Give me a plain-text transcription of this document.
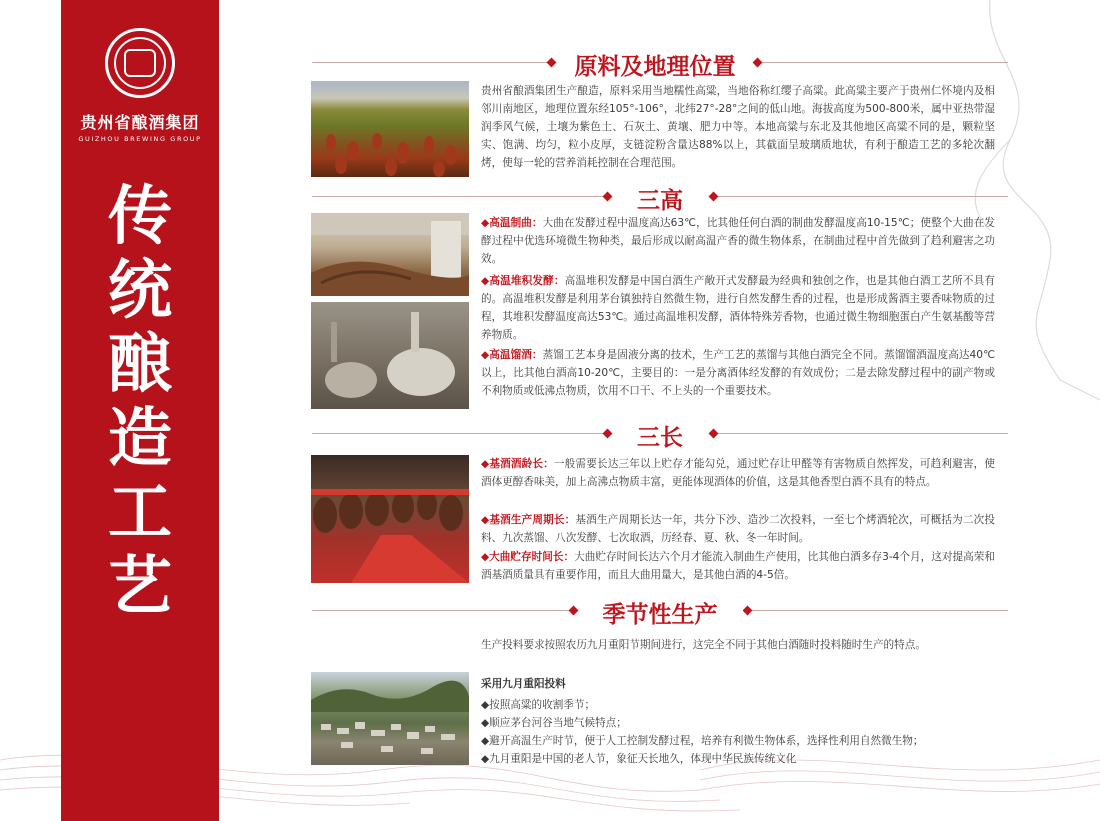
贵州省酿酒集团
GUIZHOU BREWING GROUP
传
统
酿
造
工
艺
原料及地理位置
贵州省酿酒集团生产酿造，原料采用当地糯性高粱，当地俗称红缨子高粱。此高粱主要产于贵州仁怀境内及相邻川南地区，地理位置东经105°-106°，北纬27°-28°之间的低山地。海拔高度为500-800米，属中亚热带湿润季风气候，土壤为紫色土、石灰土、黄壤、肥力中等。本地高粱与东北及其他地区高粱不同的是，颗粒坚实、饱满、均匀，粒小皮厚，支链淀粉含量达88%以上，其截面呈玻璃质地状，有利于酿造工艺的多轮次翻烤，使每一轮的营养消耗控制在合理范围。
三高
◆高温制曲：大曲在发酵过程中温度高达63℃，比其他任何白酒的制曲发酵温度高10-15℃；使整个大曲在发酵过程中优选环境微生物种类，最后形成以耐高温产香的微生物体系，在制曲过程中首先做到了趋利避害之功效。
◆高温堆积发酵：高温堆积发酵是中国白酒生产敞开式发酵最为经典和独创之作，也是其他白酒工艺所不具有的。高温堆积发酵是利用茅台镇独持自然微生物，进行自然发酵生香的过程，也是形成酱酒主要香味物质的过程，其堆积发酵温度高达53℃。通过高温堆积发酵，酒体特殊芳香物，也通过微生物细胞蛋白产生氨基酸等营养物质。
◆高温馏酒：蒸馏工艺本身是固液分离的技术，生产工艺的蒸馏与其他白酒完全不同。蒸馏馏酒温度高达40℃以上，比其他白酒高10-20℃，主要目的：一是分离酒体经发酵的有效成份；二是去除发酵过程中的副产物或不利物质或低沸点物质，饮用不口干、不上头的一个重要技术。
三长
◆基酒酒龄长：一般需要长达三年以上贮存才能勾兑，通过贮存让甲醛等有害物质自然挥发，可趋利避害，使酒体更醇香味美，加上高沸点物质丰富，更能体现酒体的价值，这是其他香型白酒不具有的特点。
◆基酒生产周期长：基酒生产周期长达一年，共分下沙、造沙二次投料，一至七个烤酒轮次，可概括为二次投料、九次蒸馏、八次发酵、七次取酒，历经春、夏、秋、冬一年时间。
◆大曲贮存时间长：大曲贮存时间长达六个月才能流入制曲生产使用，比其他白酒多存3-4个月，这对提高荣和酒基酒质量具有重要作用，而且大曲用量大，是其他白酒的4-5倍。
季节性生产
生产投料要求按照农历九月重阳节期间进行，这完全不同于其他白酒随时投料随时生产的特点。
采用九月重阳投料
◆按照高粱的收割季节；
◆顺应茅台河谷当地气候特点；
◆避开高温生产时节，便于人工控制发酵过程，培养有利微生物体系，选择性利用自然微生物；
◆九月重阳是中国的老人节，象征天长地久，体现中华民族传统文化
